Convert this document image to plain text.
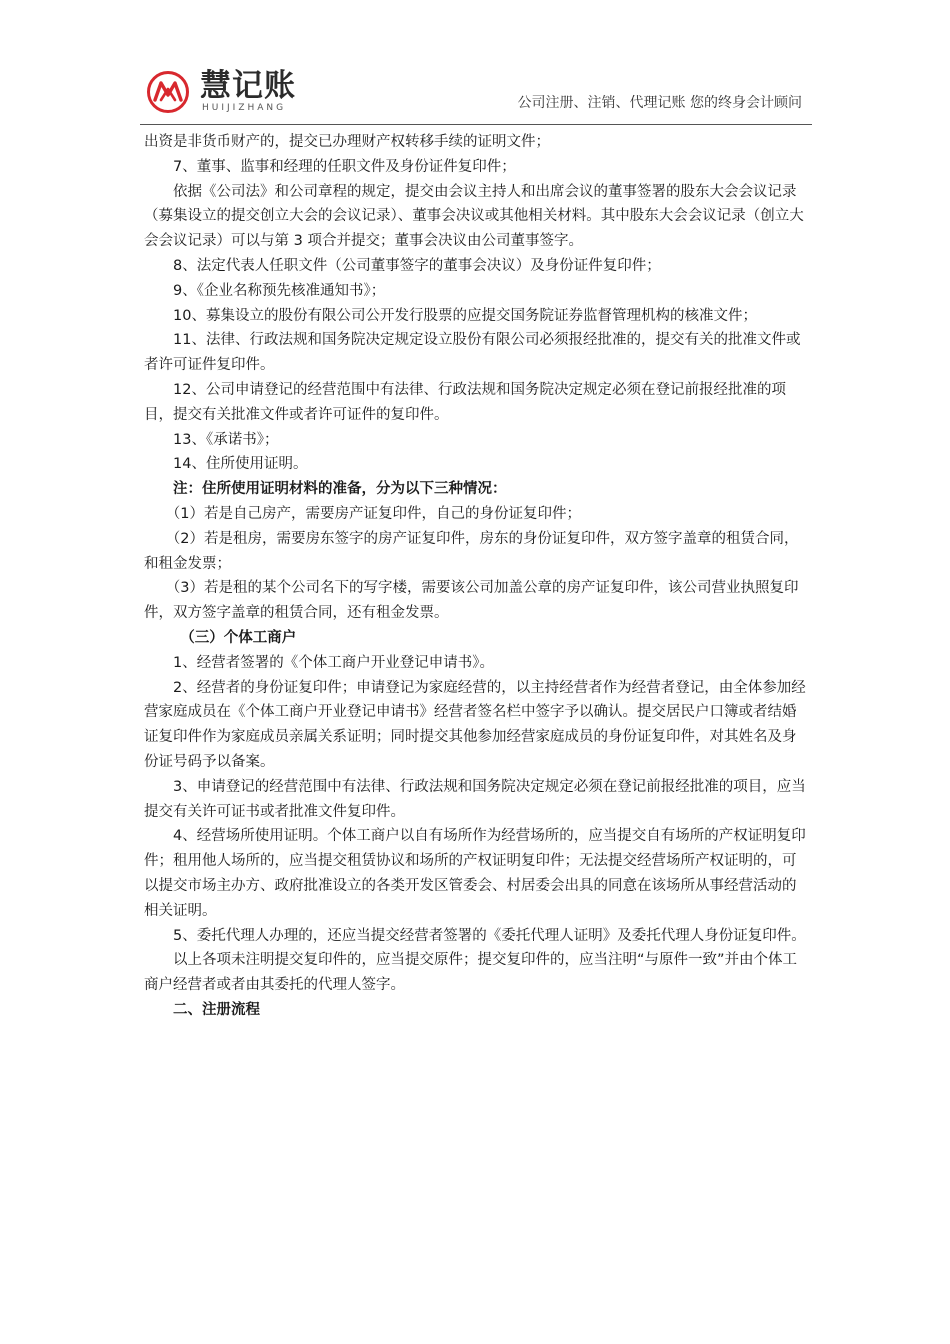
慧记账
HUIJIZHANG	公司注册、注销、代理记账 您的终身会计顾问

出资是非货币财产的，提交已办理财产权转移手续的证明文件；

7、董事、监事和经理的任职文件及身份证件复印件；

依据《公司法》和公司章程的规定，提交由会议主持人和出席会议的董事签署的股东大会会议记录（募集设立的提交创立大会的会议记录）、董事会决议或其他相关材料。其中股东大会会议记录（创立大会会议记录）可以与第 3 项合并提交；董事会决议由公司董事签字。

8、法定代表人任职文件（公司董事签字的董事会决议）及身份证件复印件；

9、《企业名称预先核准通知书》；

10、募集设立的股份有限公司公开发行股票的应提交国务院证券监督管理机构的核准文件；

11、法律、行政法规和国务院决定规定设立股份有限公司必须报经批准的，提交有关的批准文件或者许可证件复印件。

12、公司申请登记的经营范围中有法律、行政法规和国务院决定规定必须在登记前报经批准的项目，提交有关批准文件或者许可证件的复印件。

13、《承诺书》；

14、住所使用证明。

注：住所使用证明材料的准备，分为以下三种情况：

（1）若是自己房产，需要房产证复印件，自己的身份证复印件；

（2）若是租房，需要房东签字的房产证复印件，房东的身份证复印件，双方签字盖章的租赁合同，和租金发票；

（3）若是租的某个公司名下的写字楼，需要该公司加盖公章的房产证复印件，该公司营业执照复印件，双方签字盖章的租赁合同，还有租金发票。

（三）个体工商户

1、经营者签署的《个体工商户开业登记申请书》。

2、经营者的身份证复印件；申请登记为家庭经营的，以主持经营者作为经营者登记，由全体参加经营家庭成员在《个体工商户开业登记申请书》经营者签名栏中签字予以确认。提交居民户口簿或者结婚证复印件作为家庭成员亲属关系证明；同时提交其他参加经营家庭成员的身份证复印件，对其姓名及身份证号码予以备案。

3、申请登记的经营范围中有法律、行政法规和国务院决定规定必须在登记前报经批准的项目，应当提交有关许可证书或者批准文件复印件。

4、经营场所使用证明。个体工商户以自有场所作为经营场所的，应当提交自有场所的产权证明复印件；租用他人场所的，应当提交租赁协议和场所的产权证明复印件；无法提交经营场所产权证明的，可以提交市场主办方、政府批准设立的各类开发区管委会、村居委会出具的同意在该场所从事经营活动的相关证明。

5、委托代理人办理的，还应当提交经营者签署的《委托代理人证明》及委托代理人身份证复印件。

以上各项未注明提交复印件的，应当提交原件；提交复印件的，应当注明“与原件一致”并由个体工商户经营者或者由其委托的代理人签字。

二、注册流程
